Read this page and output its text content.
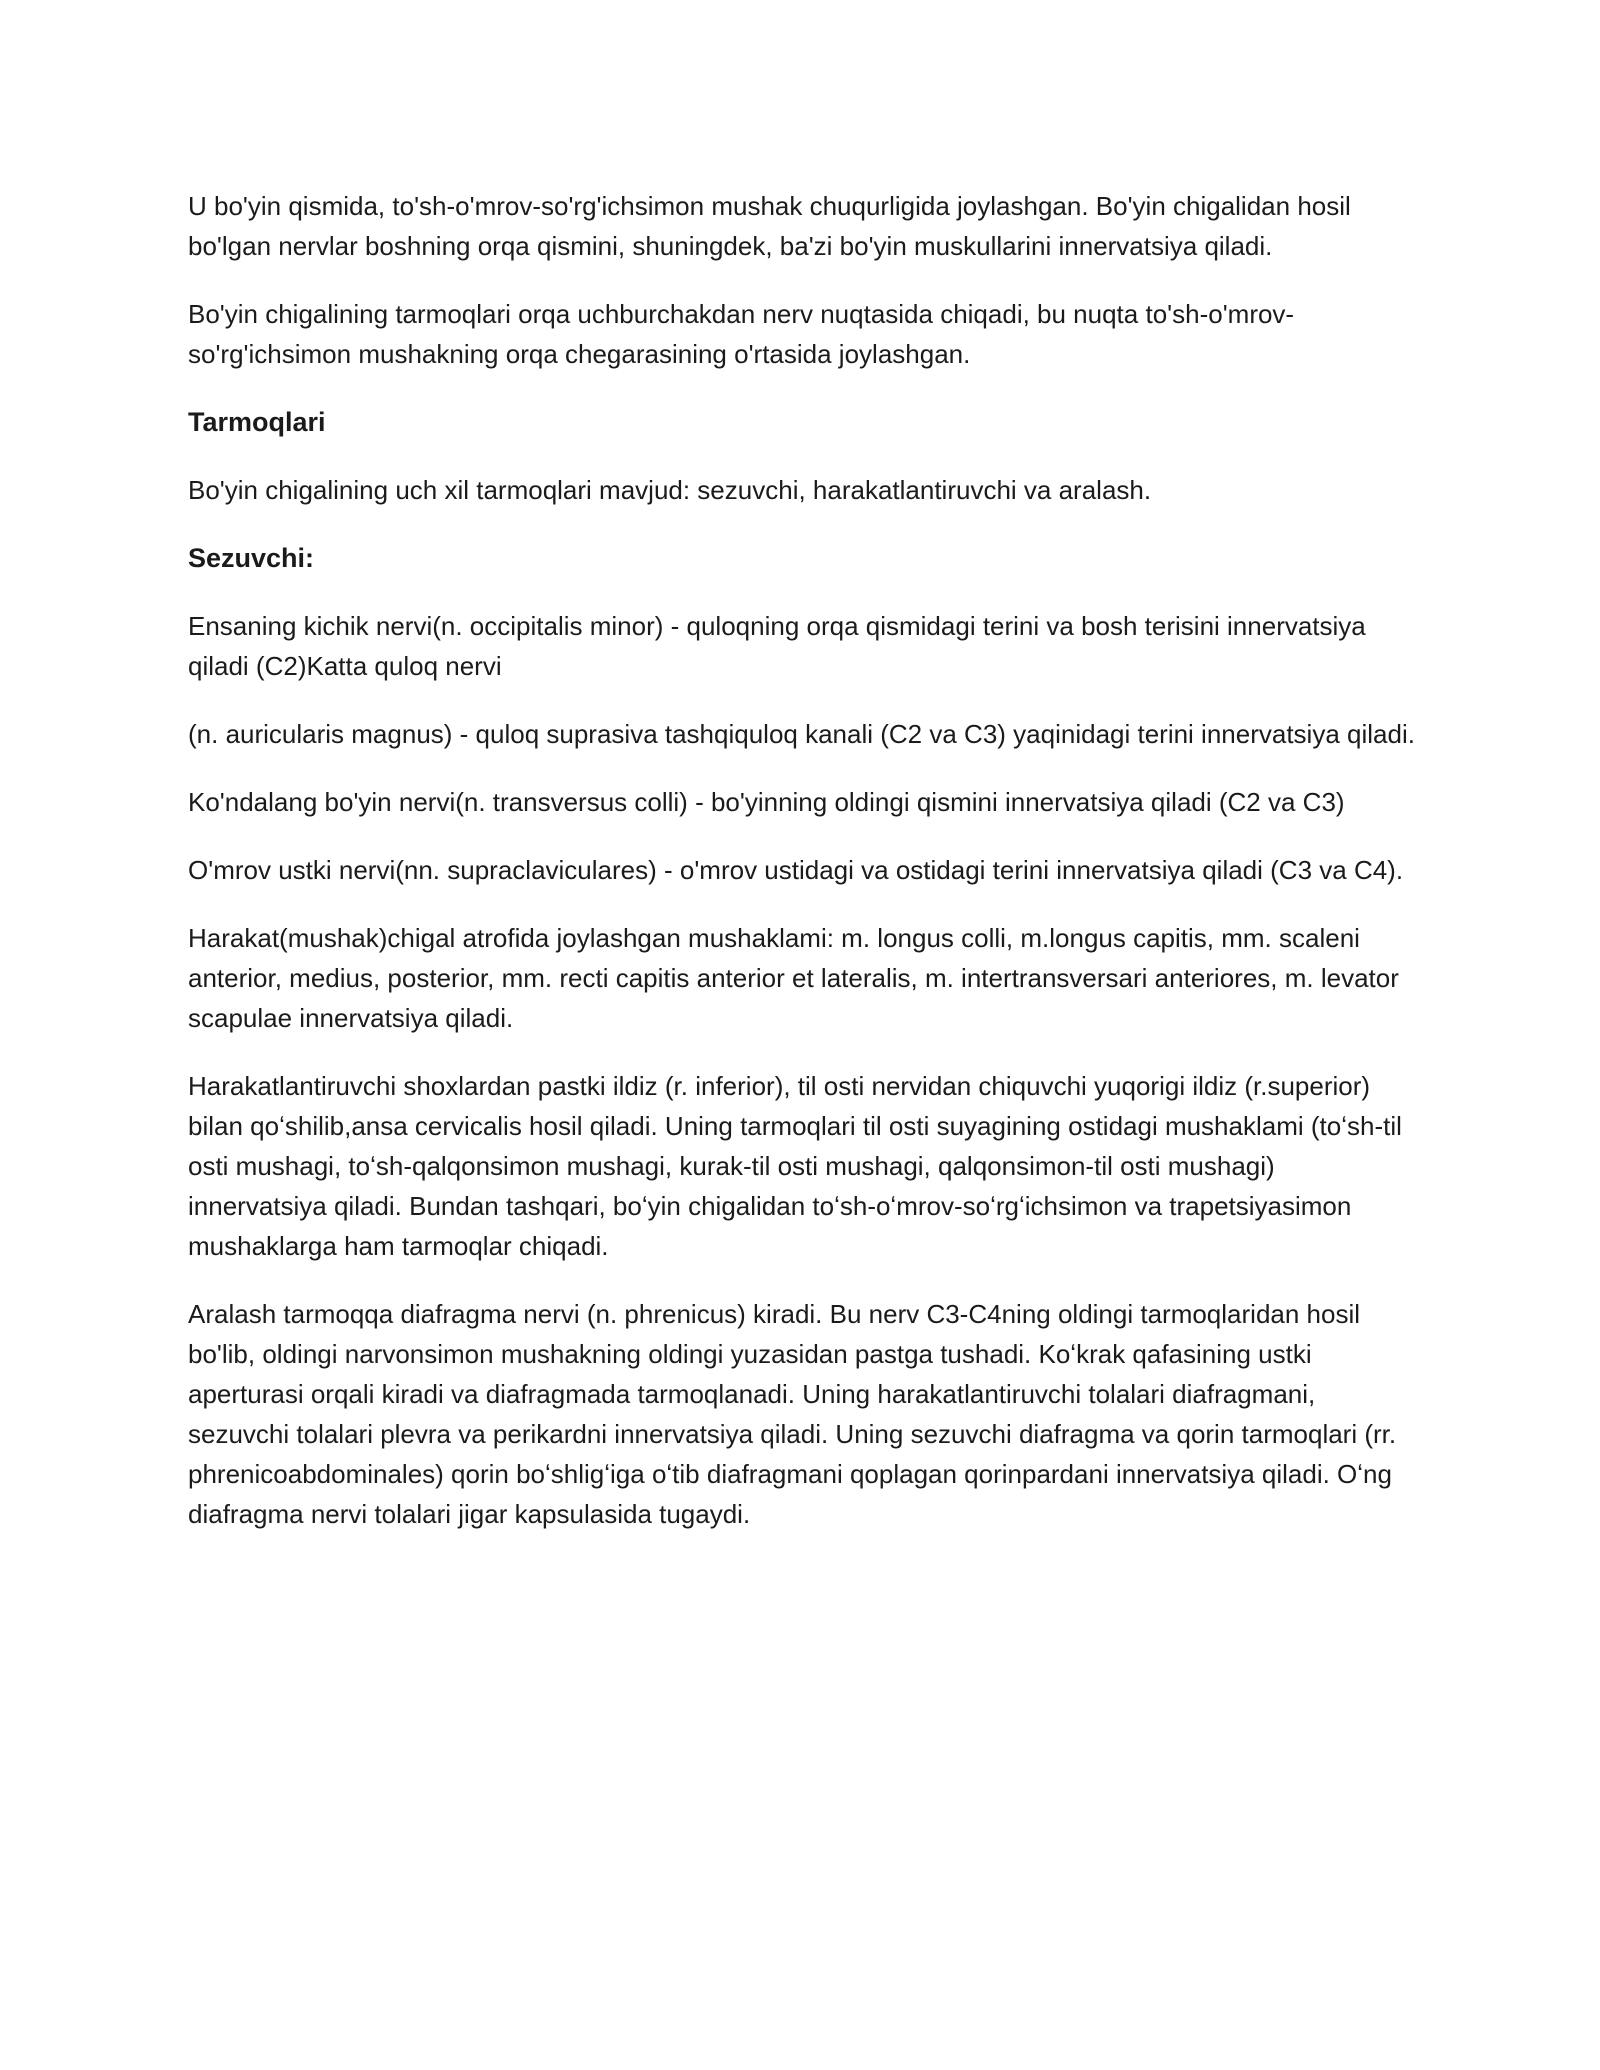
U bo'yin qismida, to'sh-o'mrov-so'rg'ichsimon mushak chuqurligida joylashgan. Bo'yin chigalidan hosil bo'lgan nervlar boshning orqa qismini, shuningdek, ba'zi bo'yin muskullarini innervatsiya qiladi.

Bo'yin chigalining tarmoqlari orqa uchburchakdan nerv nuqtasida chiqadi, bu nuqta to'sh-o'mrov-so'rg'ichsimon mushakning orqa chegarasining o'rtasida joylashgan.

Tarmoqlari

Bo'yin chigalining uch xil tarmoqlari mavjud: sezuvchi, harakatlantiruvchi va aralash.

Sezuvchi:

Ensaning kichik nervi(n. occipitalis minor) - quloqning orqa qismidagi terini va bosh terisini innervatsiya qiladi (C2)Katta quloq nervi

(n. auricularis magnus) - quloq suprasiva tashqiquloq kanali (C2 va C3) yaqinidagi terini innervatsiya qiladi.

Ko'ndalang bo'yin nervi(n. transversus colli) - bo'yinning oldingi qismini innervatsiya qiladi (C2 va C3)

O'mrov ustki nervi(nn. supraclaviculares) - o'mrov ustidagi va ostidagi terini innervatsiya qiladi (C3 va C4).

Harakat(mushak)chigal atrofida joylashgan mushaklami: m. longus colli, m.longus capitis, mm. scaleni anterior, medius, posterior, mm. recti capitis anterior et lateralis, m. intertransversari anteriores, m. levator scapulae innervatsiya qiladi.

Harakatlantiruvchi shoxlardan pastki ildiz (r. inferior), til osti nervidan chiquvchi yuqorigi ildiz (r.superior) bilan qoʻshilib,ansa cervicalis hosil qiladi. Uning tarmoqlari til osti suyagining ostidagi mushaklami (toʻsh-til osti mushagi, toʻsh-qalqonsimon mushagi, kurak-til osti mushagi, qalqonsimon-til osti mushagi) innervatsiya qiladi. Bundan tashqari, boʻyin chigalidan toʻsh-oʻmrov-soʻrgʻichsimon va trapetsiyasimon mushaklarga ham tarmoqlar chiqadi.

Aralash tarmoqqa diafragma nervi (n. phrenicus) kiradi. Bu nerv C3-C4ning oldingi tarmoqlaridan hosil bo'lib, oldingi narvonsimon mushakning oldingi yuzasidan pastga tushadi. Koʻkrak qafasining ustki aperturasi orqali kiradi va diafragmada tarmoqlanadi. Uning harakatlantiruvchi tolalari diafragmani, sezuvchi tolalari plevra va perikardni innervatsiya qiladi. Uning sezuvchi diafragma va qorin tarmoqlari (rr. phrenicoabdominales) qorin boʻshligʻiga oʻtib diafragmani qoplagan qorinpardani innervatsiya qiladi. Oʻng diafragma nervi tolalari jigar kapsulasida tugaydi.
